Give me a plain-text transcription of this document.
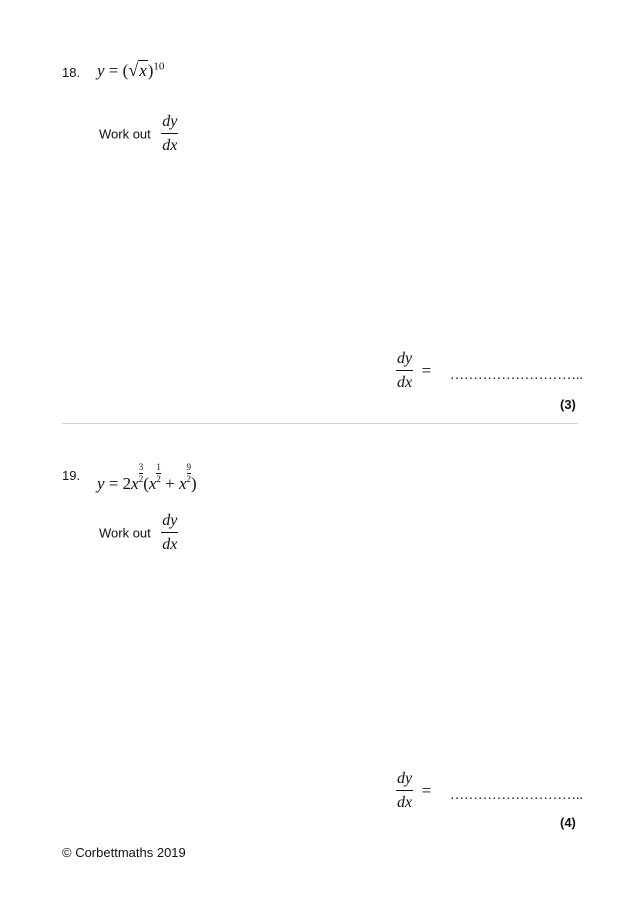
18. $y = (√x)^{10}$
Work out $\frac{dy}{dx}$
$\frac{dy}{dx}$ = ………………………..
(3)
19. $y = 2x \frac{3}{2} (x \frac{1}{2} + x \frac{9}{2}$ )
Work out $\frac{dy}{dx}$
$\frac{dy}{dx}$ = ………………………..
(4)
© Corbettmaths 2019
